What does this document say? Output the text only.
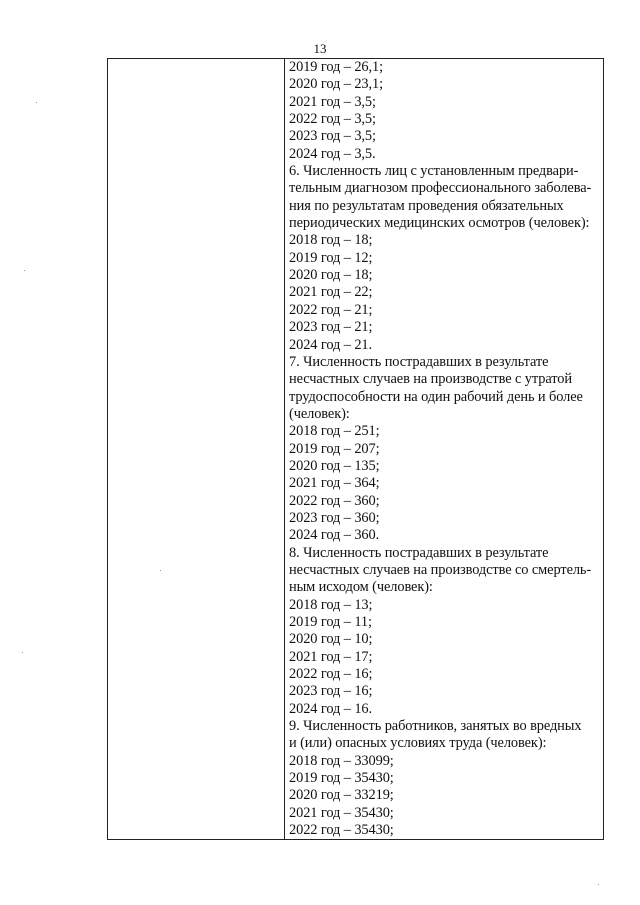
13

2019 год – 26,1;
2020 год – 23,1;
2021 год – 3,5;
2022 год – 3,5;
2023 год – 3,5;
2024 год – 3,5.
6. Численность лиц с установленным предвари-
тельным диагнозом профессионального заболева-
ния по результатам проведения обязательных
периодических медицинских осмотров (человек):
2018 год – 18;
2019 год – 12;
2020 год – 18;
2021 год – 22;
2022 год – 21;
2023 год – 21;
2024 год – 21.
7. Численность пострадавших в результате
несчастных случаев на производстве с утратой
трудоспособности на один рабочий день и более
(человек):
2018 год – 251;
2019 год – 207;
2020 год – 135;
2021 год – 364;
2022 год – 360;
2023 год – 360;
2024 год – 360.
8. Численность пострадавших в результате
несчастных случаев на производстве со смертель-
ным исходом (человек):
2018 год – 13;
2019 год – 11;
2020 год – 10;
2021 год – 17;
2022 год – 16;
2023 год – 16;
2024 год – 16.
9. Численность работников, занятых во вредных
и (или) опасных условиях труда (человек):
2018 год – 33099;
2019 год – 35430;
2020 год – 33219;
2021 год – 35430;
2022 год – 35430;
